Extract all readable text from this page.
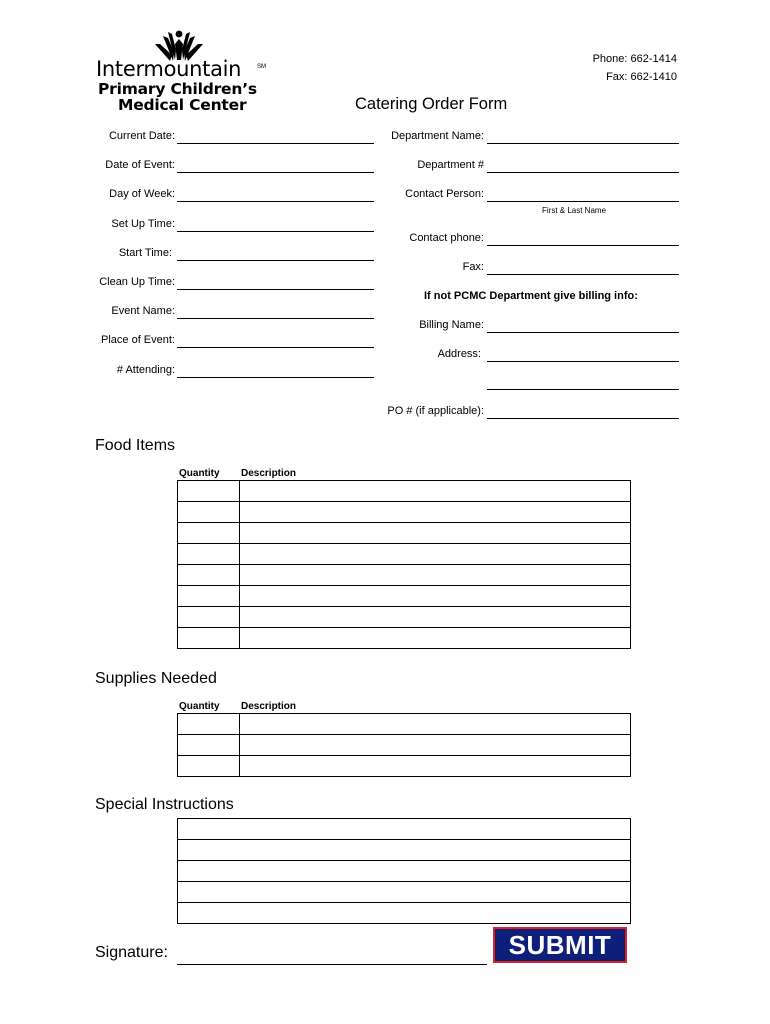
Intermountain	SM
Primary Children’s
Medical Center
Phone: 662-1414
Fax: 662-1410
Catering Order Form
Current Date:
Date of Event:
Day of Week:
Set Up Time:
Start Time:
Clean Up Time:
Event Name:
Place of Event:
# Attending:
Department Name:
Department #
Contact Person:
First & Last Name
Contact phone:
Fax:
If not PCMC Department give billing info:
Billing Name:
Address:
PO # (if applicable):
Food Items
Quantity Description

Supplies Needed
Quantity Description

Special Instructions

Signature:	SUBMIT
